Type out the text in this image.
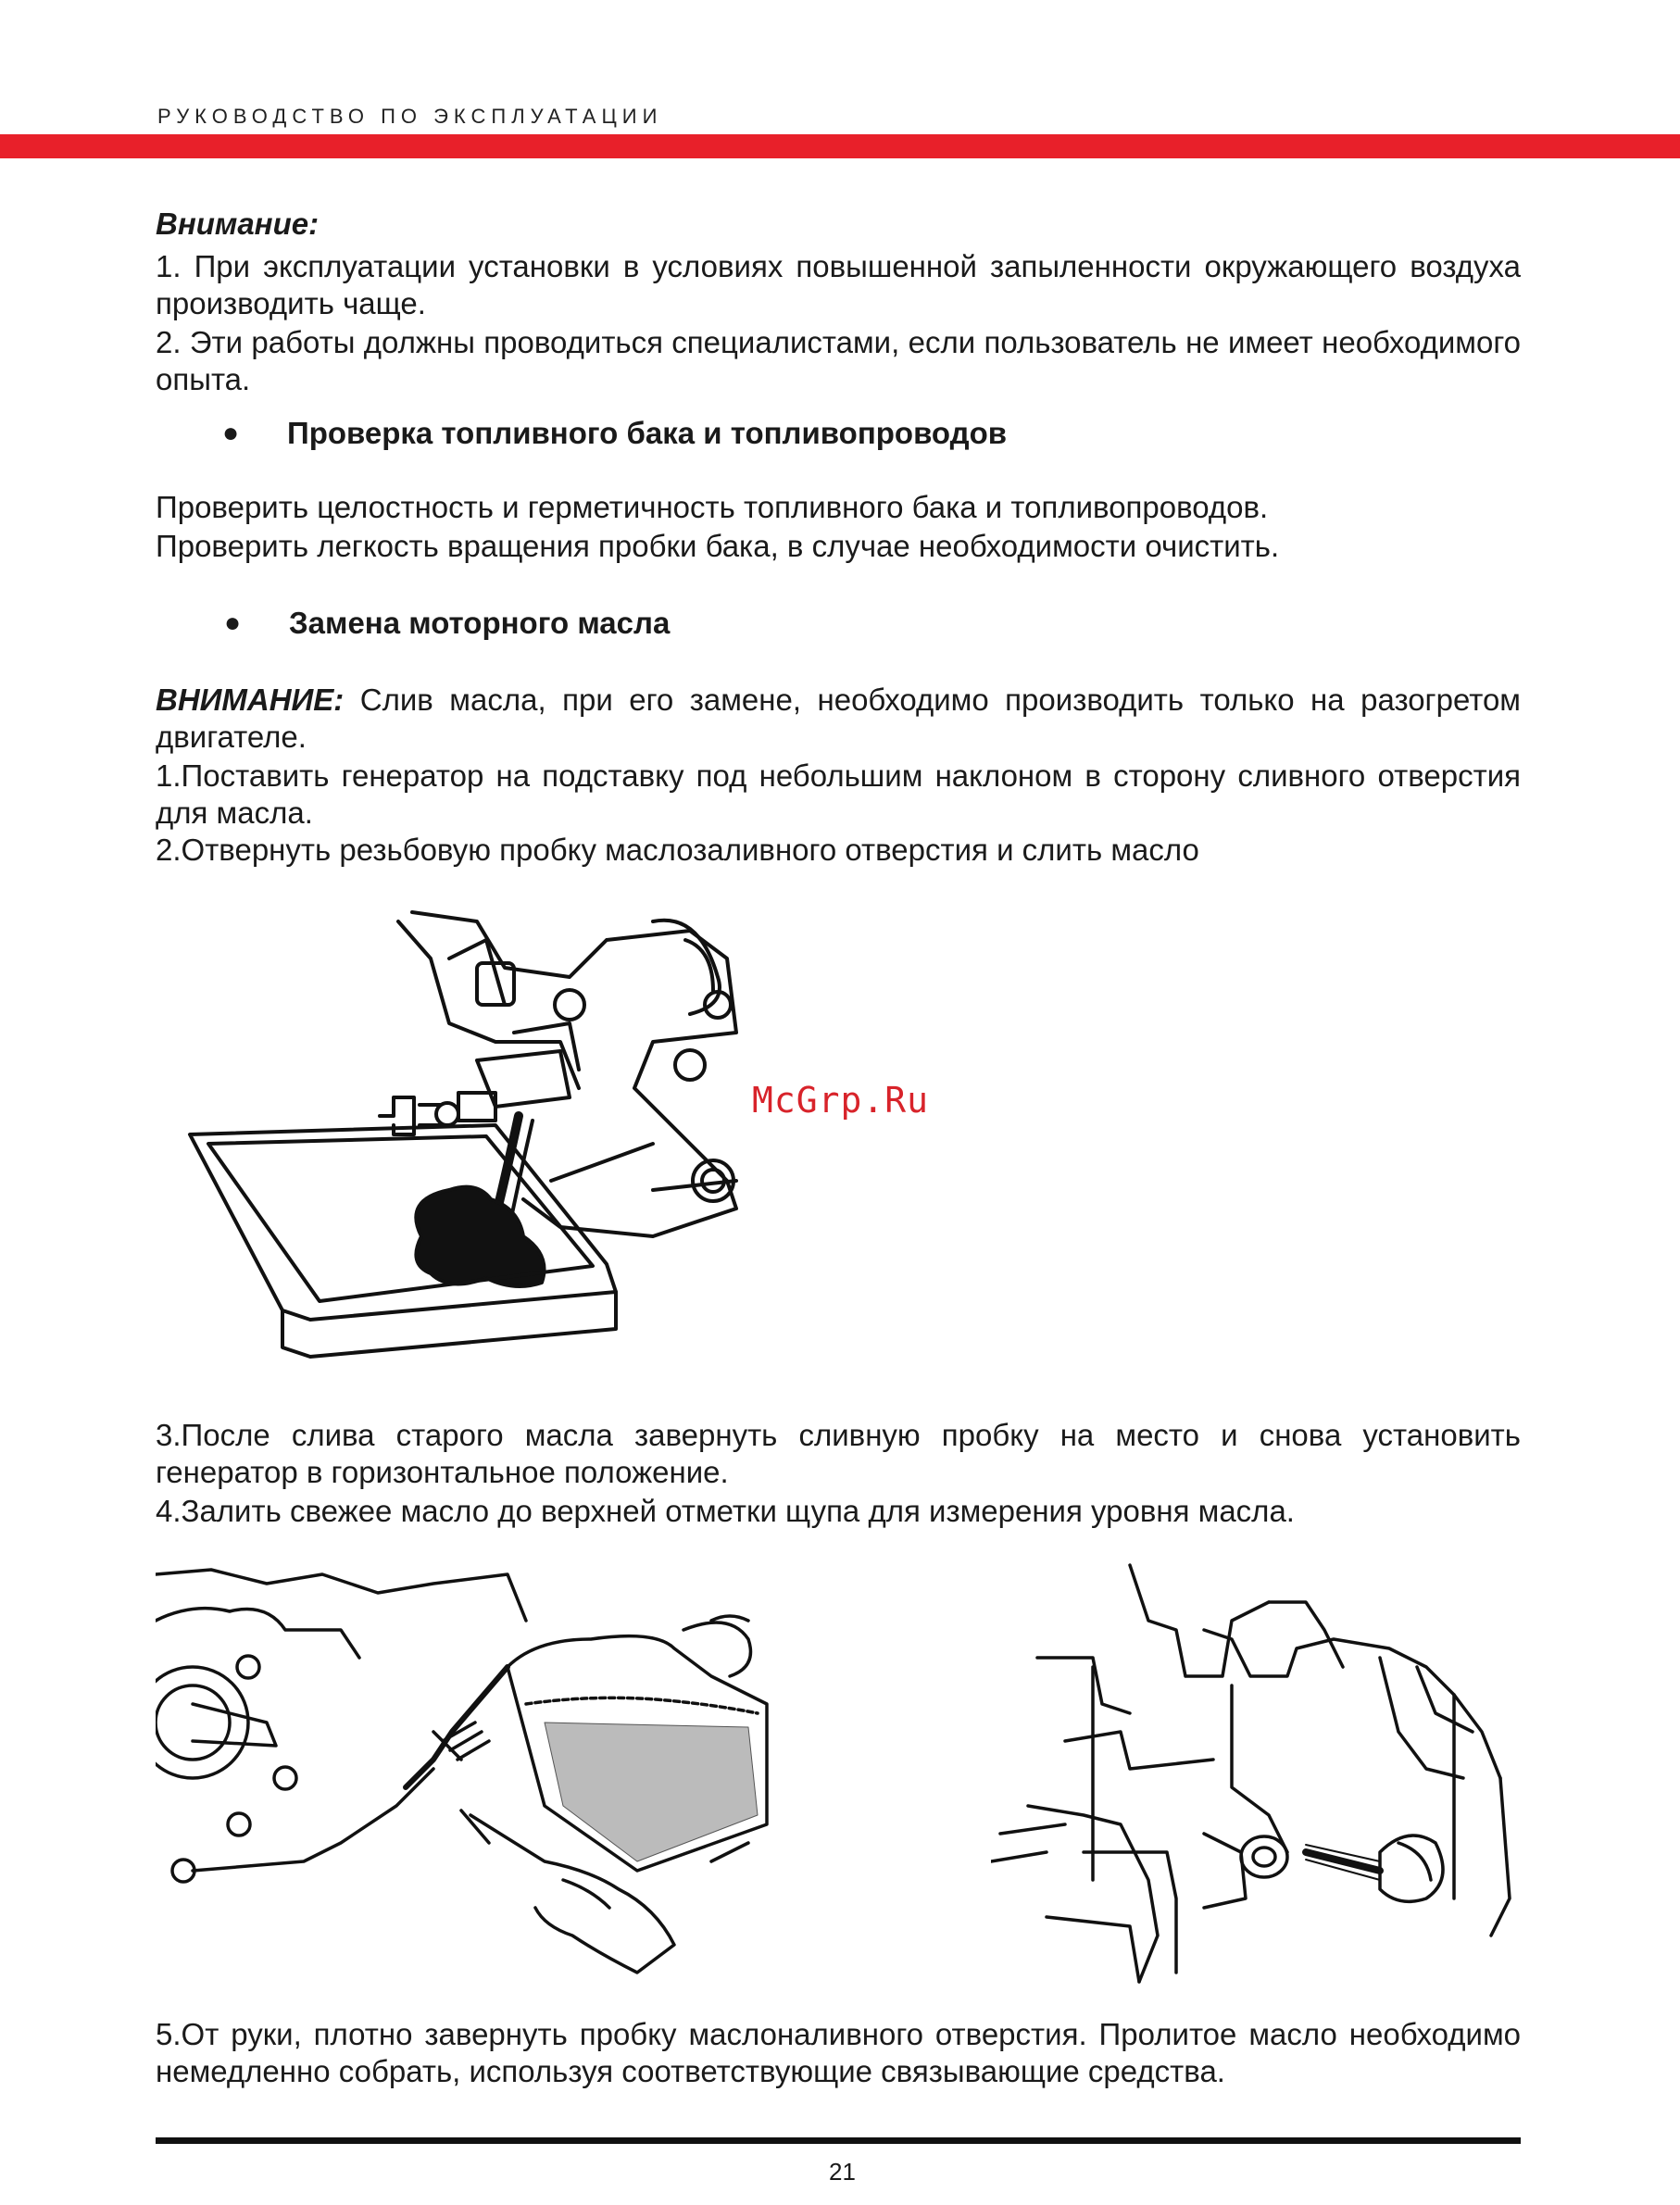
РУКОВОДСТВО ПО ЭКСПЛУАТАЦИИ
Внимание:

1. При эксплуатации установки в условиях повышенной запыленности окружающего воздуха производить чаще.

2. Эти работы должны проводиться специалистами, если пользователь не имеет необходимого опыта.

● Проверка топливного бака и топливопроводов

Проверить целостность и герметичность топливного бака и топливопроводов.

Проверить легкость вращения пробки бака, в случае необходимости очистить.

● Замена моторного масла

ВНИМАНИЕ: Слив масла, при его замене, необходимо производить только на разогретом двигателе.

1.Поставить генератор на подставку под небольшим наклоном в сторону сливного отверстия для масла.

2.Отвернуть резьбовую пробку маслозаливного отверстия и слить масло

McGrp.Ru

3.После слива старого масла завернуть сливную пробку на место и снова установить генератор в горизонтальное положение.

4.Залить свежее масло до верхней отметки щупа для измерения уровня масла.

5.От руки, плотно завернуть пробку маслоналивного отверстия. Пролитое масло необходимо немедленно собрать, используя соответствующие связывающие средства.

21
